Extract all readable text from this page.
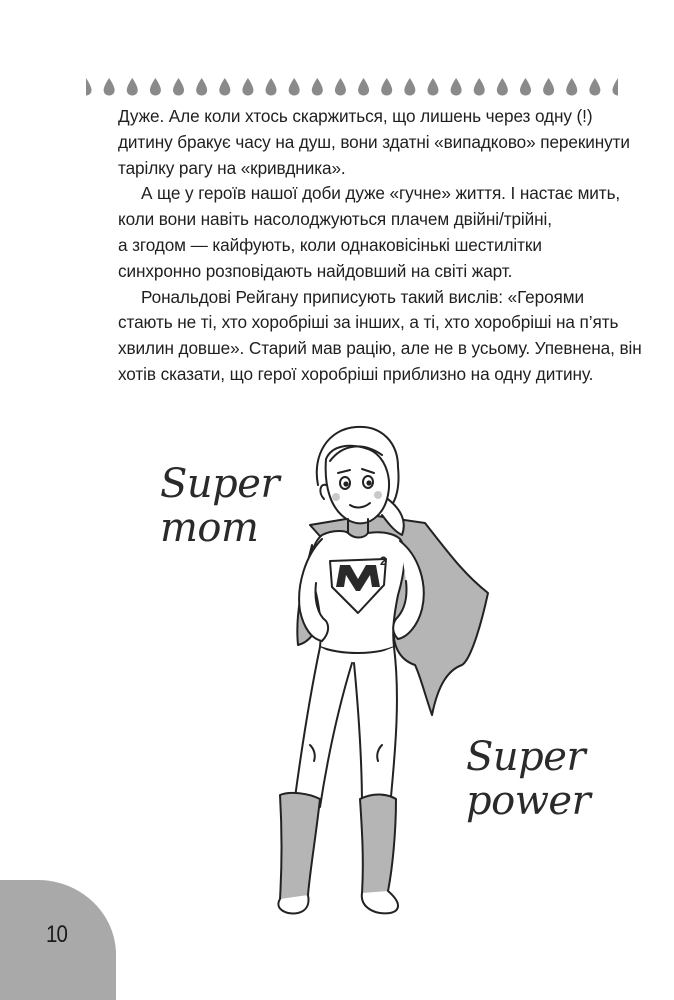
Дуже. Але коли хтось скаржиться, що лишень через одну (!)
дитину бракує часу на душ, вони здатні «випадково» перекинути
тарілку рагу на «кривдника».
А ще у героїв нашої доби дуже «гучне» життя. І настає мить,
коли вони навіть насолоджуються плачем двійні/трійні,
а згодом — кайфують, коли однаковісінькі шестилітки
синхронно розповідають найдовший на світі жарт.
Рональдові Рейгану приписують такий вислів: «Героями
стають не ті, хто хоробріші за інших, а ті, хто хоробріші на п’ять
хвилин довше». Старий мав рацію, але не в усьому. Упевнена, він
хотів сказати, що герої хоробріші приблизно на одну дитину.
Super
mom
Super
power
2
10
